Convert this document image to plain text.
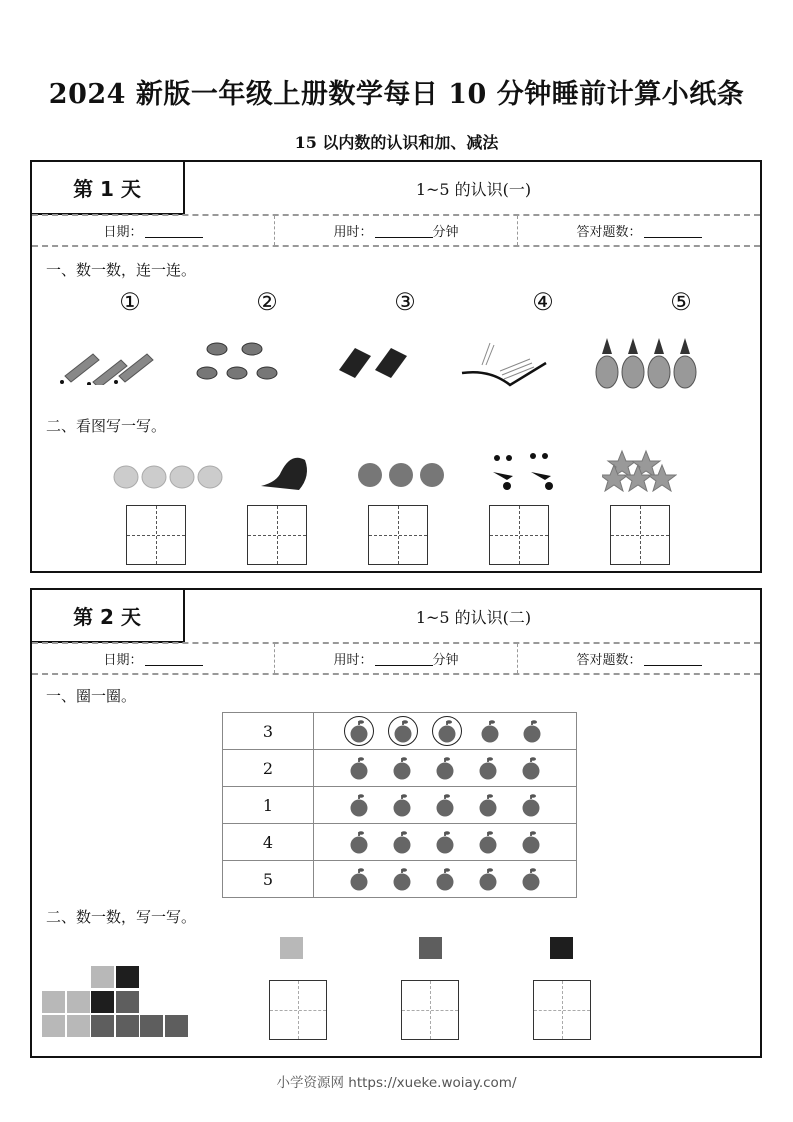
2024 新版一年级上册数学每日 10 分钟睡前计算小纸条
15 以内数的认识和加、减法
第 1 天	1~5 的认识(一)
日期：	用时：	分钟	答对题数：
一、数一数，连一连。
①	②	③	④	⑤
二、看图写一写。
第 2 天	1~5 的认识(二)
日期：	用时：	分钟	答对题数：
一、圈一圈。
3	

2	

1	

4	

5	
二、数一数，写一写。
小学资源网 https://xueke.woiay.com/
